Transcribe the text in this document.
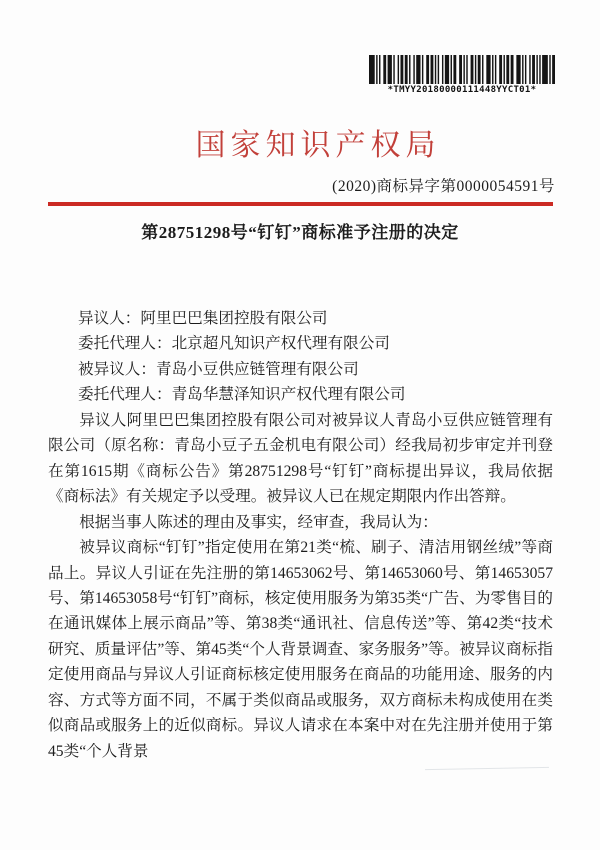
*TMYY20180000111448YYCT01*
国家知识产权局
(2020)商标异字第0000054591号
第28751298号“钉钉”商标准予注册的决定
异议人：阿里巴巴集团控股有限公司
委托代理人：北京超凡知识产权代理有限公司
被异议人：青岛小豆供应链管理有限公司
委托代理人：青岛华慧泽知识产权代理有限公司

异议人阿里巴巴集团控股有限公司对被异议人青岛小豆供应链管理有限公司（原名称：青岛小豆子五金机电有限公司）经我局初步审定并刊登在第1615期《商标公告》第28751298号“钉钉”商标提出异议，我局依据《商标法》有关规定予以受理。被异议人已在规定期限内作出答辩。

根据当事人陈述的理由及事实，经审查，我局认为：

被异议商标“钉钉”指定使用在第21类“梳、刷子、清洁用钢丝绒”等商品上。异议人引证在先注册的第14653062号、第14653060号、第14653057号、第14653058号“钉钉”商标，核定使用服务为第35类“广告、为零售目的在通讯媒体上展示商品”等、第38类“通讯社、信息传送”等、第42类“技术研究、质量评估”等、第45类“个人背景调查、家务服务”等。被异议商标指定使用商品与异议人引证商标核定使用服务在商品的功能用途、服务的内容、方式等方面不同，不属于类似商品或服务，双方商标未构成使用在类似商品或服务上的近似商标。异议人请求在本案中对在先注册并使用于第45类“个人背景
